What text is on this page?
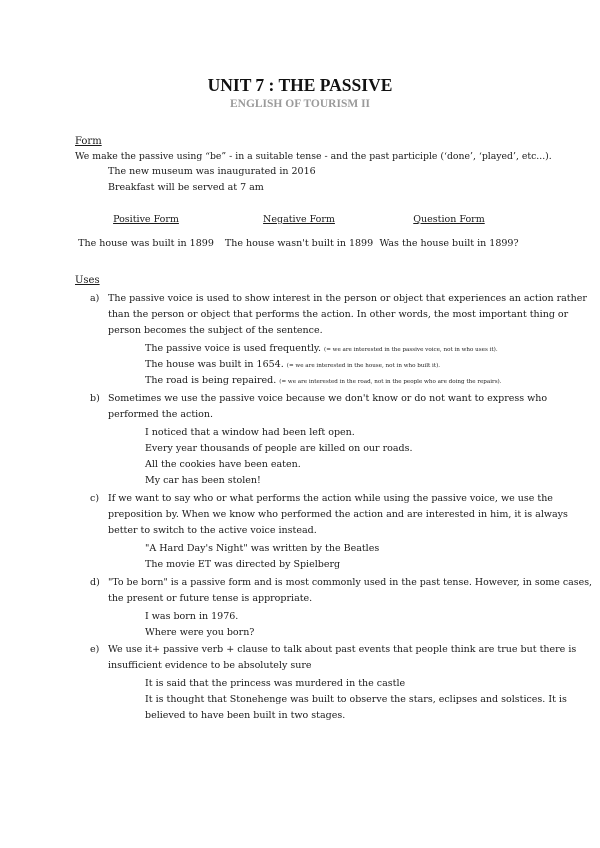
UNIT 7 : THE PASSIVE
ENGLISH OF TOURISM II
Form
We make the passive using “be” - in a suitable tense - and the past participle (‘done’, ‘played’, etc...).
The new museum was inaugurated in 2016
Breakfast will be served at 7 am
Positive Form	Negative Form	Question Form
The house was built in 1899 The house wasn't built in 1899 Was the house built in 1899?
Uses
a) The passive voice is used to show interest in the person or object that experiences an action rather
than the person or object that performs the action. In other words, the most important thing or
person becomes the subject of the sentence.
The passive voice is used frequently. (= we are interested in the passive voice, not in who uses it).
The house was built in 1654. (= we are interested in the house, not in who built it).
The road is being repaired. (= we are interested in the road, not in the people who are doing the repairs).
b) Sometimes we use the passive voice because we don't know or do not want to express who
performed the action.
I noticed that a window had been left open.
Every year thousands of people are killed on our roads.
All the cookies have been eaten.
My car has been stolen!
c) If we want to say who or what performs the action while using the passive voice, we use the
preposition by. When we know who performed the action and are interested in him, it is always
better to switch to the active voice instead.
"A Hard Day's Night" was written by the Beatles
The movie ET was directed by Spielberg
d) "To be born" is a passive form and is most commonly used in the past tense. However, in some cases,
the present or future tense is appropriate.
I was born in 1976.
Where were you born?
e) We use it+ passive verb + clause to talk about past events that people think are true but there is
insufficient evidence to be absolutely sure
It is said that the princess was murdered in the castle
It is thought that Stonehenge was built to observe the stars, eclipses and solstices. It is
believed to have been built in two stages.
